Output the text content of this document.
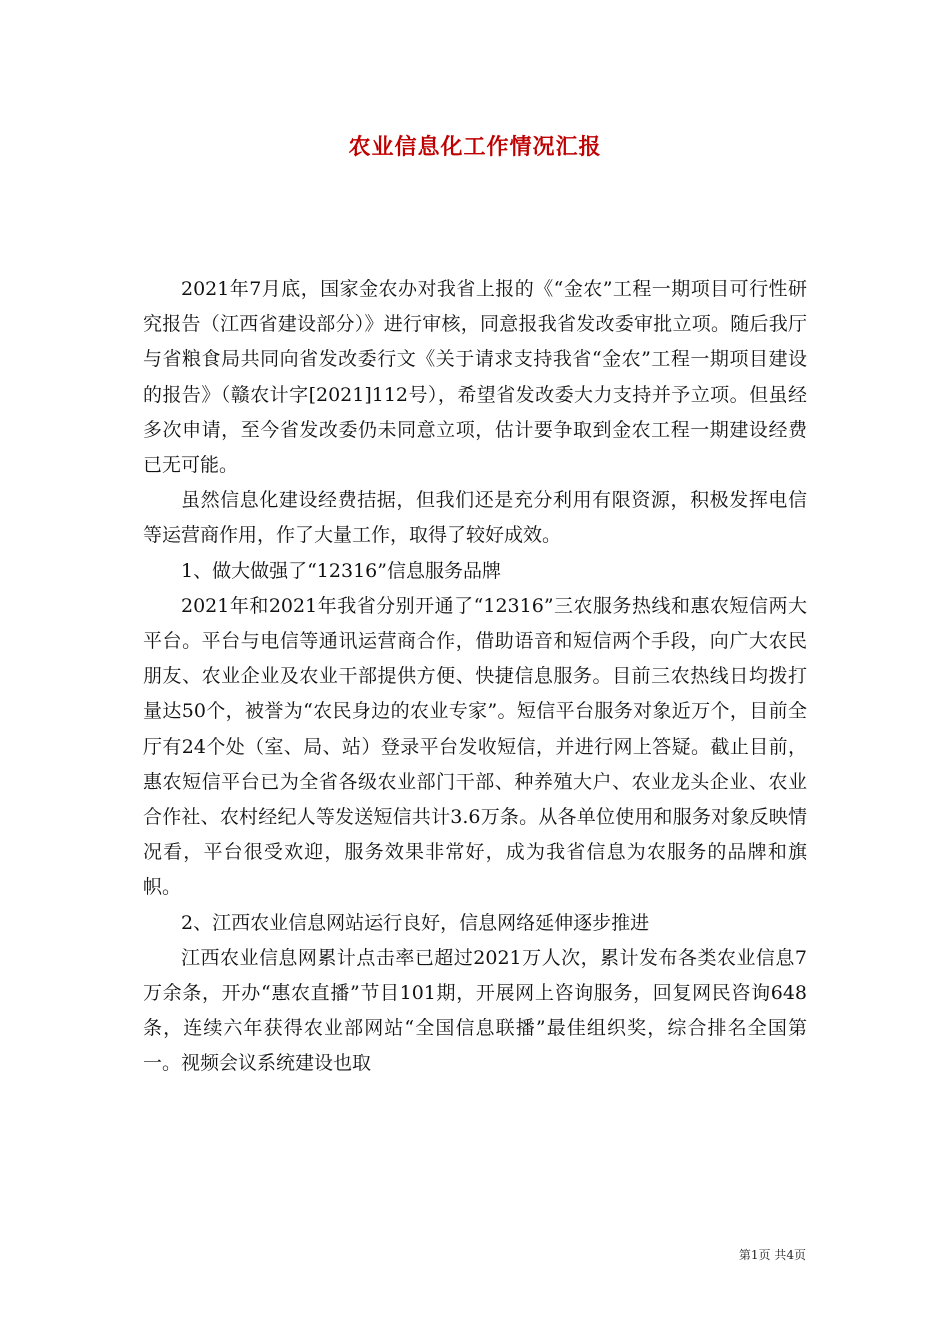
农业信息化工作情况汇报

2021年7月底，国家金农办对我省上报的《“金农”工程一期项目可行性研究报告（江西省建设部分）》进行审核，同意报我省发改委审批立项。随后我厅与省粮食局共同向省发改委行文《关于请求支持我省“金农”工程一期项目建设的报告》（赣农计字[2021]112号），希望省发改委大力支持并予立项。但虽经多次申请，至今省发改委仍未同意立项，估计要争取到金农工程一期建设经费已无可能。

虽然信息化建设经费拮据，但我们还是充分利用有限资源，积极发挥电信等运营商作用，作了大量工作，取得了较好成效。

1、做大做强了“12316”信息服务品牌

2021年和2021年我省分别开通了“12316”三农服务热线和惠农短信两大平台。平台与电信等通讯运营商合作，借助语音和短信两个手段，向广大农民朋友、农业企业及农业干部提供方便、快捷信息服务。目前三农热线日均拨打量达50个，被誉为“农民身边的农业专家”。短信平台服务对象近万个，目前全厅有24个处（室、局、站）登录平台发收短信，并进行网上答疑。截止目前，惠农短信平台已为全省各级农业部门干部、种养殖大户、农业龙头企业、农业合作社、农村经纪人等发送短信共计3.6万条。从各单位使用和服务对象反映情况看，平台很受欢迎，服务效果非常好，成为我省信息为农服务的品牌和旗帜。

2、江西农业信息网站运行良好，信息网络延伸逐步推进

江西农业信息网累计点击率已超过2021万人次，累计发布各类农业信息7万余条，开办“惠农直播”节目101期，开展网上咨询服务，回复网民咨询648条，连续六年获得农业部网站“全国信息联播”最佳组织奖，综合排名全国第一。视频会议系统建设也取

第1页 共4页
